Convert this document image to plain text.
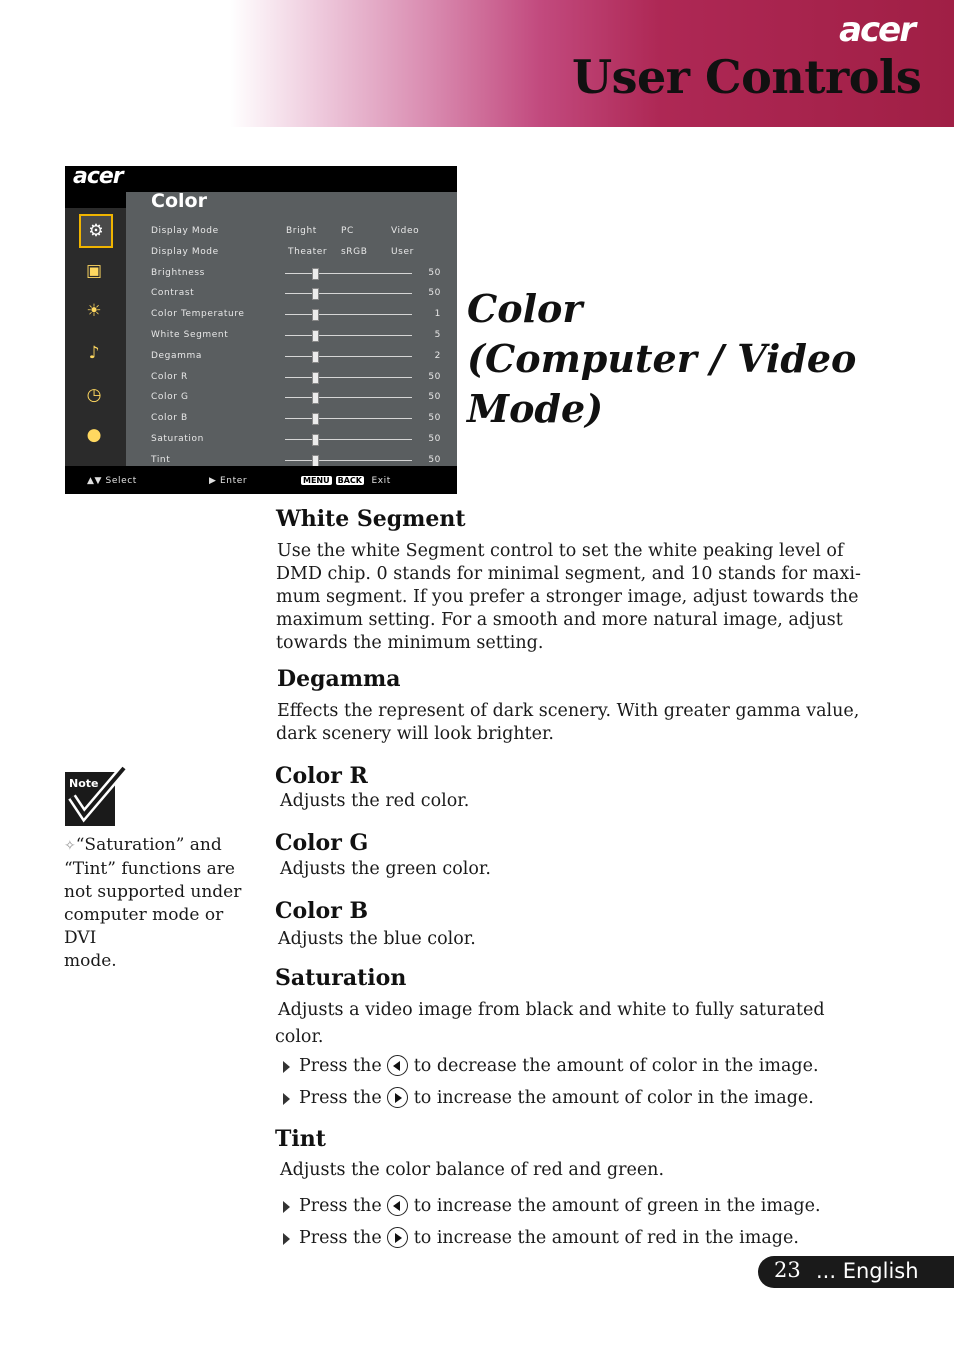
acer
User Controls
acer
⚙
▣
☀
♪
◷
●
Color
Display Mode	Bright	PC	Video
Display Mode	Theater sRGB	User
Brightness	50
Contrast	50
Color Temperature	1
White Segment	5
Degamma	2
Color R	50
Color G	50
Color B	50
Saturation	50
Tint	50
▲▼ Select	▶ Enter	MENU BACK Exit
Color
(Computer / Video
Mode)
White Segment
Use the white Segment control to set the white peaking level of
DMD chip. 0 stands for minimal segment, and 10 stands for maxi-
mum segment. If you prefer a stronger image, adjust towards the
maximum setting. For a smooth and more natural image, adjust
towards the minimum setting.
Degamma
Effects the represent of dark scenery. With greater gamma value,
dark scenery will look brighter.
Color R
Adjusts the red color.
Color G
Adjusts the green color.
Color B
Adjusts the blue color.
Saturation
Adjusts a video image from black and white to fully saturated
color.
Press the to decrease the amount of color in the image.
Press the to increase the amount of color in the image.
Tint
Adjusts the color balance of red and green.
Press the to increase the amount of green in the image.
Press the to increase the amount of red in the image.
Note
✧“Saturation” and
“Tint” functions are
not supported under
computer mode or DVI
mode.
23 ... English
